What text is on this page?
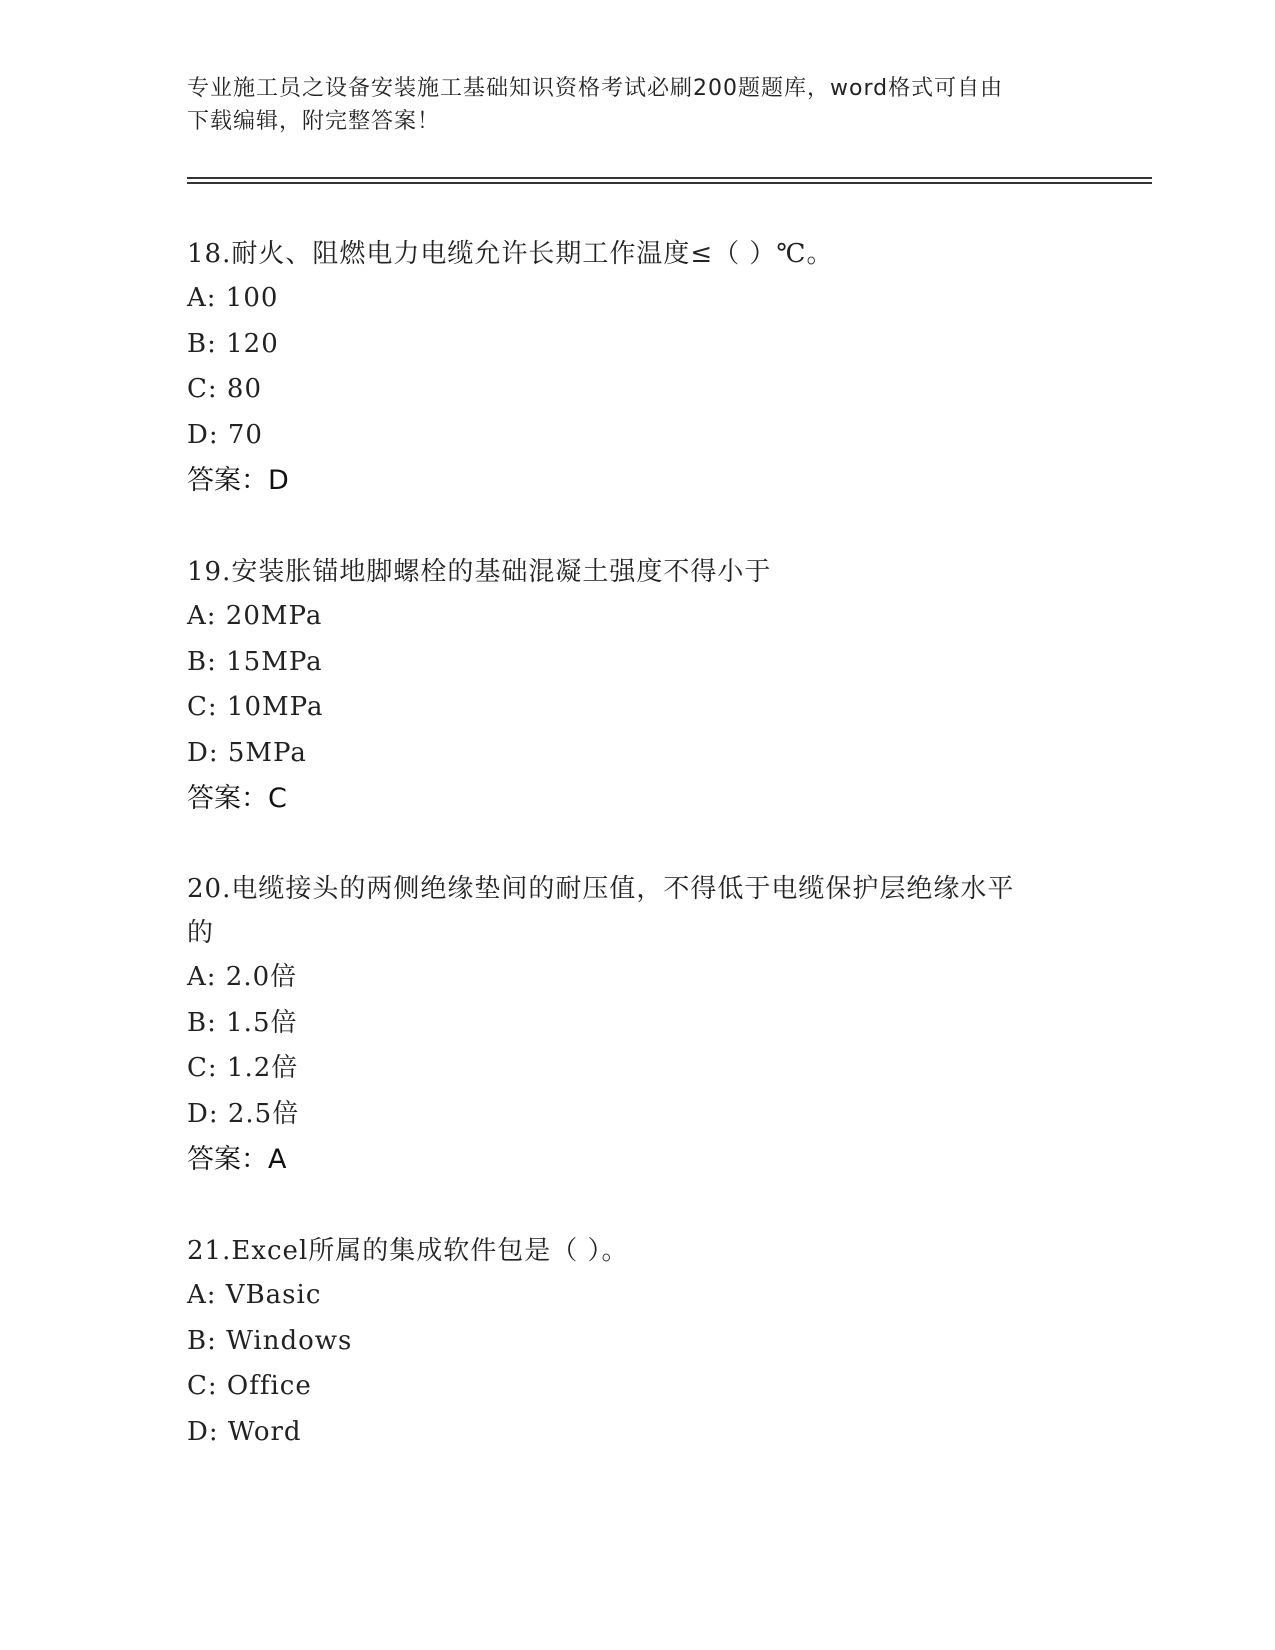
专业施工员之设备安装施工基础知识资格考试必刷200题题库，word格式可自由
下载编辑，附完整答案！

18.耐火、阻燃电力电缆允许长期工作温度≤（ ）℃。

A: 100

B: 120

C: 80

D: 70

答案：D

19.安装胀锚地脚螺栓的基础混凝土强度不得小于

A: 20MPa

B: 15MPa

C: 10MPa

D: 5MPa

答案：C

20.电缆接头的两侧绝缘垫间的耐压值，不得低于电缆保护层绝缘水平

的

A: 2.0倍

B: 1.5倍

C: 1.2倍

D: 2.5倍

答案：A

21.Excel所属的集成软件包是（ ）。

A: VBasic

B: Windows

C: Office

D: Word
